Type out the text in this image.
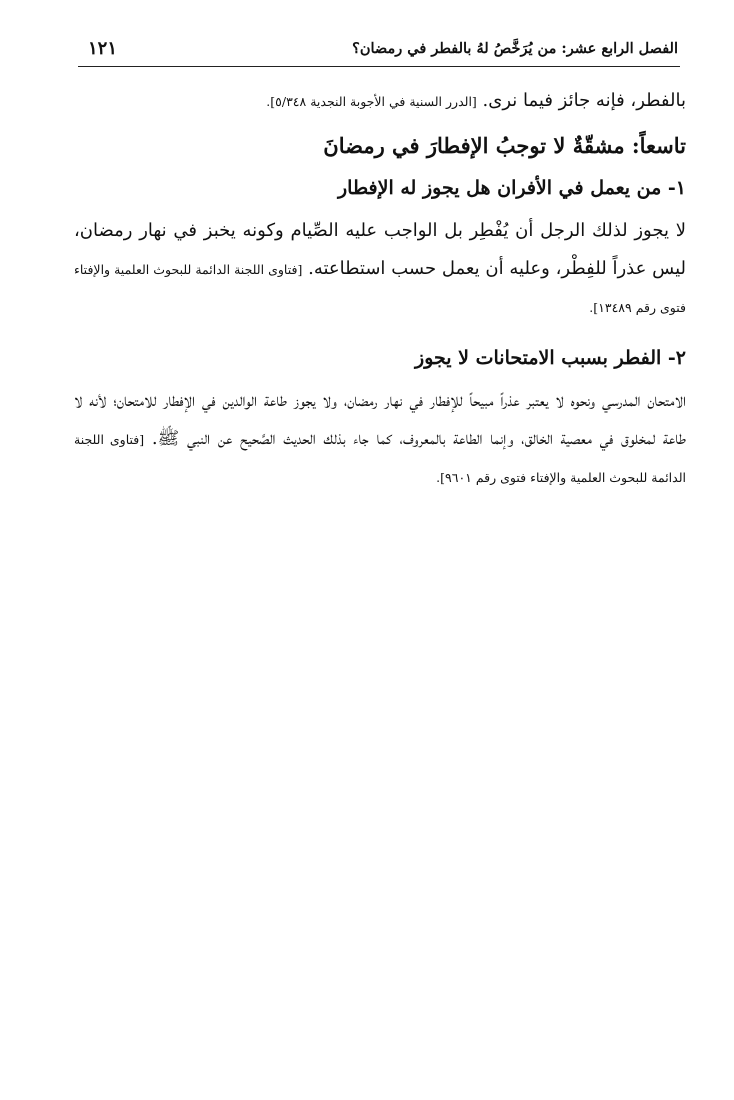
الفصل الرابع عشر: من يُرَخَّصُ لهُ بالفطر في رمضان؟
١٢١

بالفطر، فإنه جائز فيما نرى. [الدرر السنية في الأجوبة النجدية ٥/٣٤٨].

تاسعاً: مشقّةٌ لا توجبُ الإفطارَ في رمضانَ
١- من يعمل في الأفران هل يجوز له الإفطار

لا يجوز لذلك الرجل أن يُفْطِر بل الواجب عليه الصِّيام وكونه يخبز في نهار رمضان، ليس عذراً للفِطْر، وعليه أن يعمل حسب استطاعته. [فتاوى اللجنة الدائمة للبحوث العلمية والإفتاء فتوى رقم ١٣٤٨٩].

٢- الفطر بسبب الامتحانات لا يجوز

الامتحان المدرسي ونحوه لا يعتبر عذراً مبيحاً للإفطار في نهار رمضان، ولا يجوز طاعة الوالدين في الإفطار للامتحان؛ لأنه لا طاعة لمخلوق في معصية الخالق، وإنما الطاعة بالمعروف، كما جاء بذلك الحديث الصَّحيح عن النبي ﷺ. [فتاوى اللجنة الدائمة للبحوث العلمية والإفتاء فتوى رقم ٩٦٠١].
